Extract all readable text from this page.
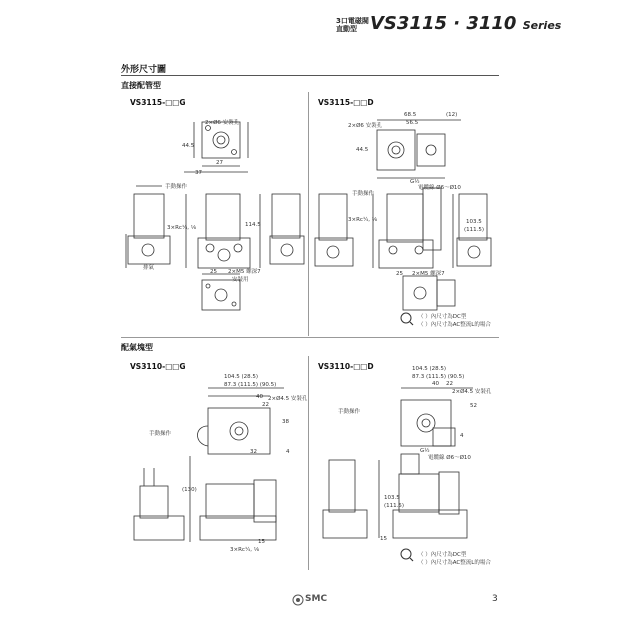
3口電磁閥
直動型 VS3115 · 3110 Series
外形尺寸圖
直接配管型
VS3115-□□G	VS3115-□□D
2×Ø6 安裝孔
37
44.5
27
手動操作
3×Rc¼, ⅛
排氣
25 2×M5 螺深7
安裝用
114.5
68.5
56.5
(12)
2×Ø6 安裝孔
44.5
G½
電纜線 Ø6～Ø10
手動操作
3×Rc¼, ⅛
25 2×M5 螺深7
103.5
(111.5)
（ ）內尺寸為DC型
（ ）內尺寸為AC整流L的場合
配氣塊型
VS3110-□□G	VS3110-□□D
104.5 (28.5)
87.3 (111.5) (90.5)
2×Ø4.5 安裝孔
40
22
手動操作
32	4
38
(130)
3×Rc¼, ⅛
15
104.5 (28.5)
87.3 (111.5) (90.5)
2×Ø4.5 安裝孔
40 22
手動操作
52
4
G½
電纜線 Ø6～Ø10
103.5
(111.5)
15
（ ）內尺寸為DC型
（ ）內尺寸為AC整流L的場合
SMC	3
